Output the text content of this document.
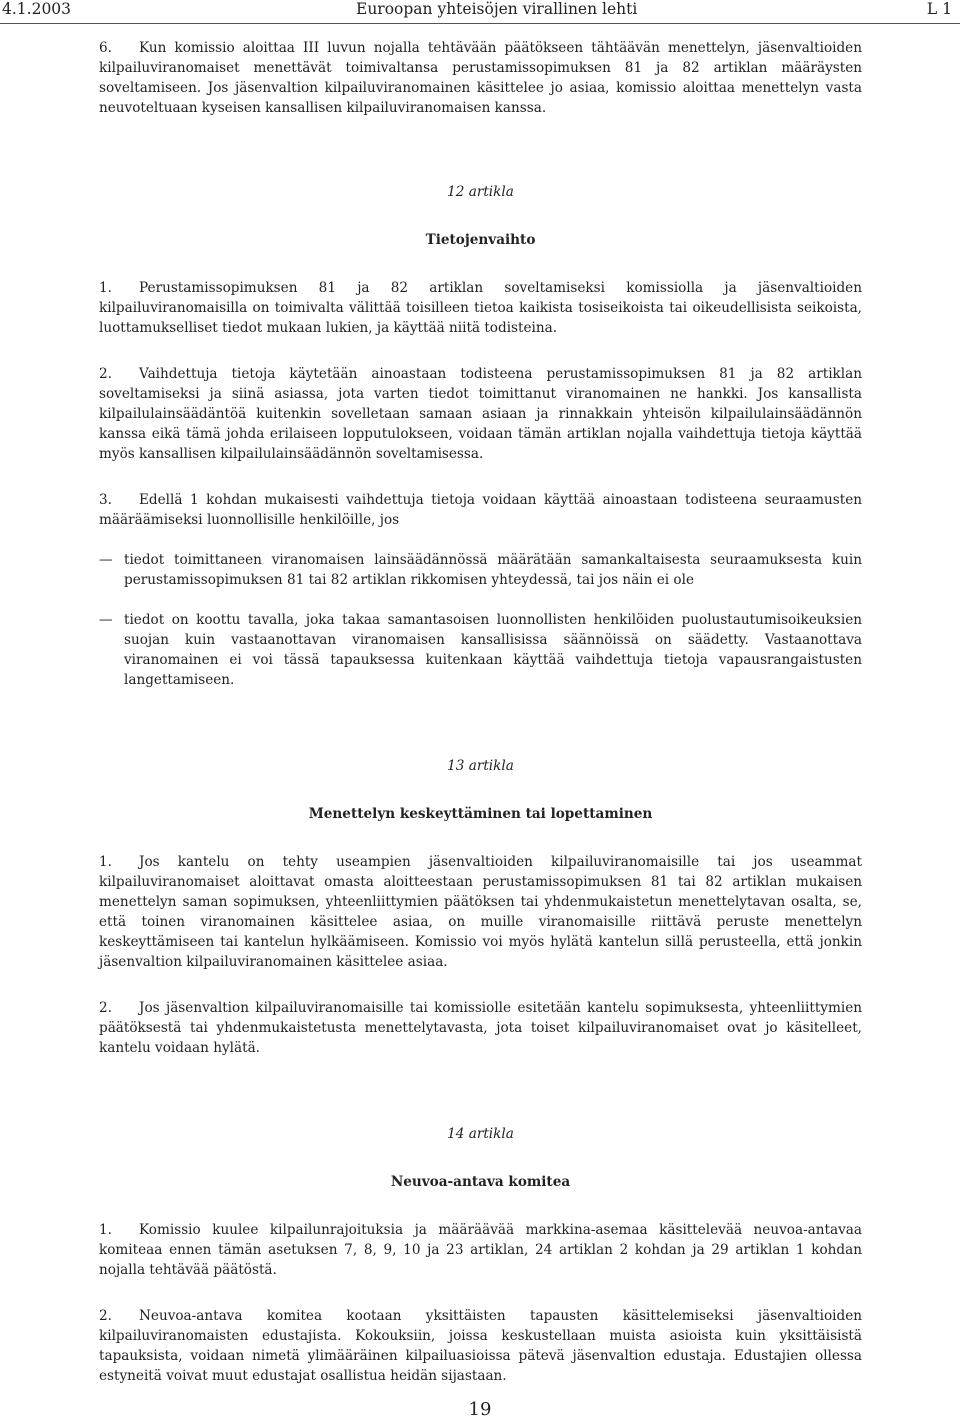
4.1.2003	Euroopan yhteisöjen virallinen lehti	L 1

6. Kun komissio aloittaa III luvun nojalla tehtävään päätökseen tähtäävän menettelyn, jäsenvaltioiden kilpailuviranomaiset menettävät toimivaltansa perustamissopimuksen 81 ja 82 artiklan määräysten soveltamiseen. Jos jäsenvaltion kilpailuviranomainen käsittelee jo asiaa, komissio aloittaa menettelyn vasta neuvoteltuaan kyseisen kansallisen kilpailuviranomaisen kanssa.

12 artikla

Tietojenvaihto

1. Perustamissopimuksen 81 ja 82 artiklan soveltamiseksi komissiolla ja jäsenvaltioiden kilpailuviranomaisilla on toimivalta välittää toisilleen tietoa kaikista tosiseikoista tai oikeudellisista seikoista, luottamukselliset tiedot mukaan lukien, ja käyttää niitä todisteina.

2. Vaihdettuja tietoja käytetään ainoastaan todisteena perustamissopimuksen 81 ja 82 artiklan soveltamiseksi ja siinä asiassa, jota varten tiedot toimittanut viranomainen ne hankki. Jos kansallista kilpailulainsäädäntöä kuitenkin sovelletaan samaan asiaan ja rinnakkain yhteisön kilpailulainsäädännön kanssa eikä tämä johda erilaiseen lopputulokseen, voidaan tämän artiklan nojalla vaihdettuja tietoja käyttää myös kansallisen kilpailulainsäädännön soveltamisessa.

3. Edellä 1 kohdan mukaisesti vaihdettuja tietoja voidaan käyttää ainoastaan todisteena seuraamusten määräämiseksi luonnollisille henkilöille, jos

— tiedot toimittaneen viranomaisen lainsäädännössä määrätään samankaltaisesta seuraamuksesta kuin perustamissopimuksen 81 tai 82 artiklan rikkomisen yhteydessä, tai jos näin ei ole

— tiedot on koottu tavalla, joka takaa samantasoisen luonnollisten henkilöiden puolustautumisoikeuksien suojan kuin vastaanottavan viranomaisen kansallisissa säännöissä on säädetty. Vastaanottava viranomainen ei voi tässä tapauksessa kuitenkaan käyttää vaihdettuja tietoja vapausrangaistusten langettamiseen.

13 artikla

Menettelyn keskeyttäminen tai lopettaminen

1. Jos kantelu on tehty useampien jäsenvaltioiden kilpailuviranomaisille tai jos useammat kilpailuviranomaiset aloittavat omasta aloitteestaan perustamissopimuksen 81 tai 82 artiklan mukaisen menettelyn saman sopimuksen, yhteenliittymien päätöksen tai yhdenmukaistetun menettelytavan osalta, se, että toinen viranomainen käsittelee asiaa, on muille viranomaisille riittävä peruste menettelyn keskeyttämiseen tai kantelun hylkäämiseen. Komissio voi myös hylätä kantelun sillä perusteella, että jonkin jäsenvaltion kilpailuviranomainen käsittelee asiaa.

2. Jos jäsenvaltion kilpailuviranomaisille tai komissiolle esitetään kantelu sopimuksesta, yhteenliittymien päätöksestä tai yhdenmukaistetusta menettelytavasta, jota toiset kilpailuviranomaiset ovat jo käsitelleet, kantelu voidaan hylätä.

14 artikla

Neuvoa-antava komitea

1. Komissio kuulee kilpailunrajoituksia ja määräävää markkina-asemaa käsittelevää neuvoa-antavaa komiteaa ennen tämän asetuksen 7, 8, 9, 10 ja 23 artiklan, 24 artiklan 2 kohdan ja 29 artiklan 1 kohdan nojalla tehtävää päätöstä.

2. Neuvoa-antava komitea kootaan yksittäisten tapausten käsittelemiseksi jäsenvaltioiden kilpailuviranomaisten edustajista. Kokouksiin, joissa keskustellaan muista asioista kuin yksittäisistä tapauksista, voidaan nimetä ylimääräinen kilpailuasioissa pätevä jäsenvaltion edustaja. Edustajien ollessa estyneitä voivat muut edustajat osallistua heidän sijastaan.

19
